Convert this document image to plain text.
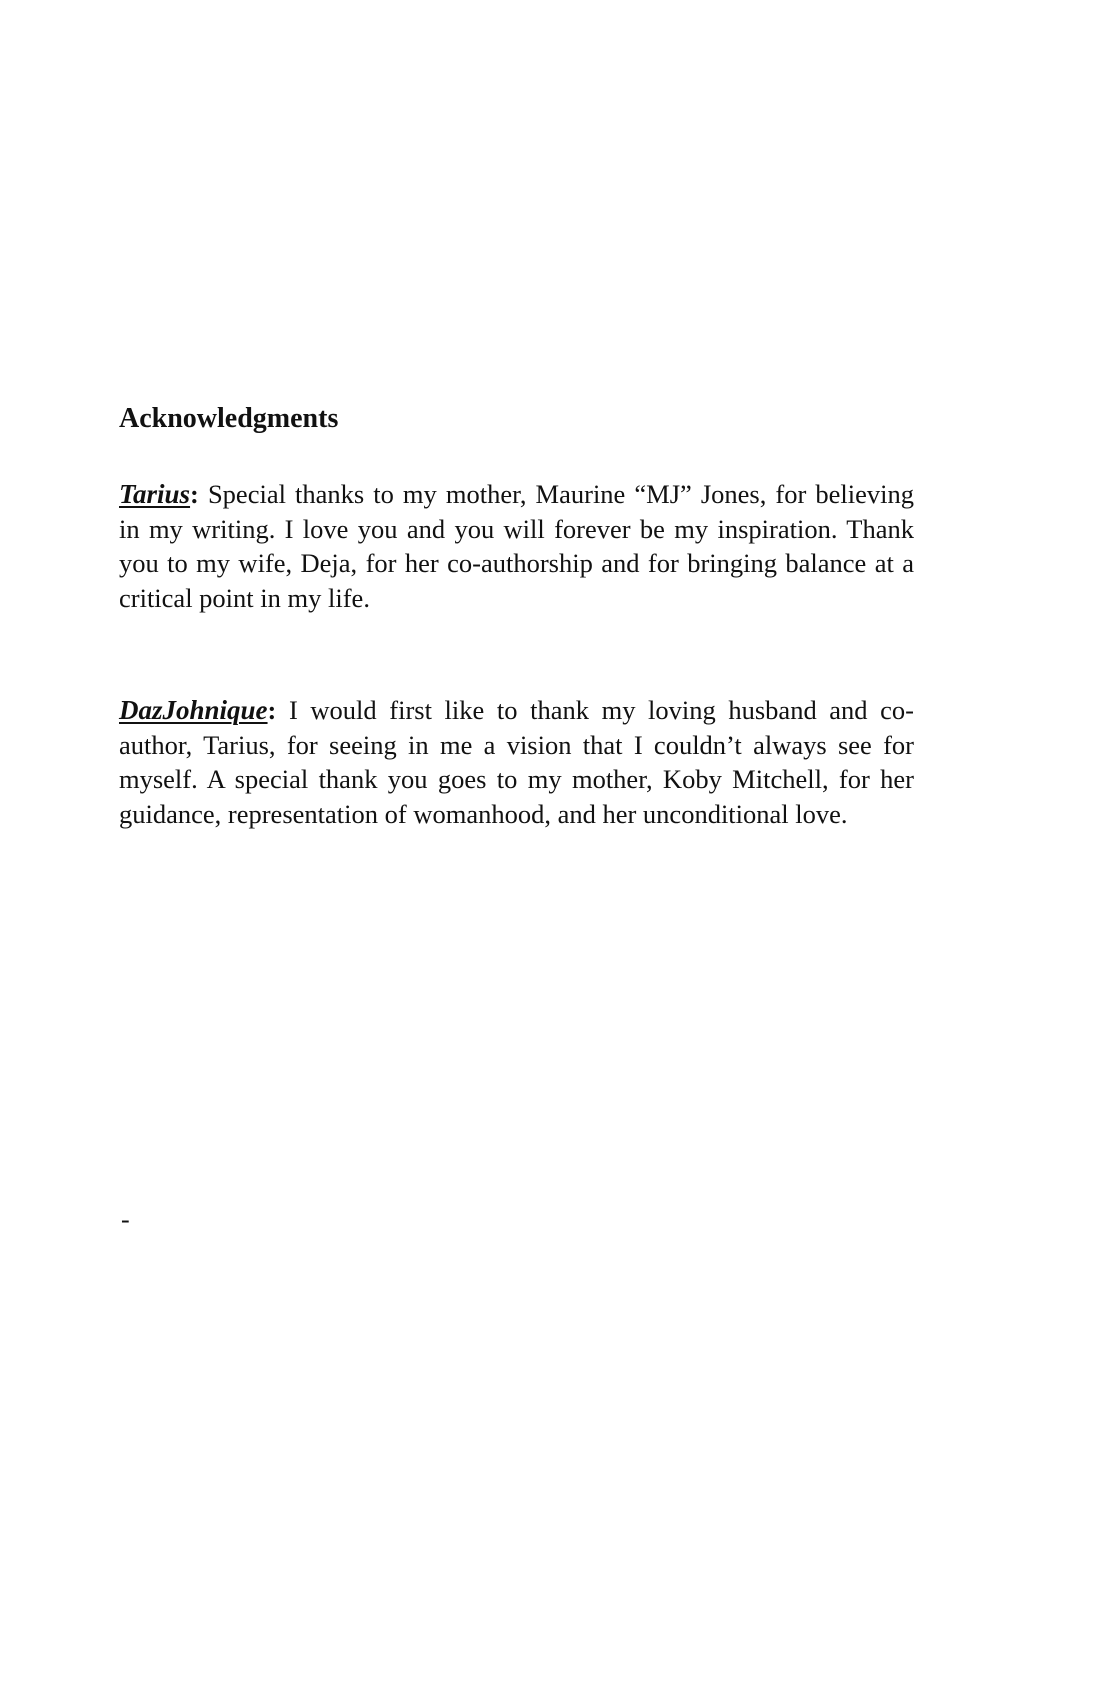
Acknowledgments

Tarius: Special thanks to my mother, Maurine “MJ” Jones, for believing in my writing. I love you and you will forever be my inspiration. Thank you to my wife, Deja, for her co-authorship and for bringing balance at a critical point in my life.

DazJohnique: I would first like to thank my loving husband and co-author, Tarius, for seeing in me a vision that I couldn’t always see for myself. A special thank you goes to my mother, Koby Mitchell, for her guidance, representation of womanhood, and her unconditional love.

-
